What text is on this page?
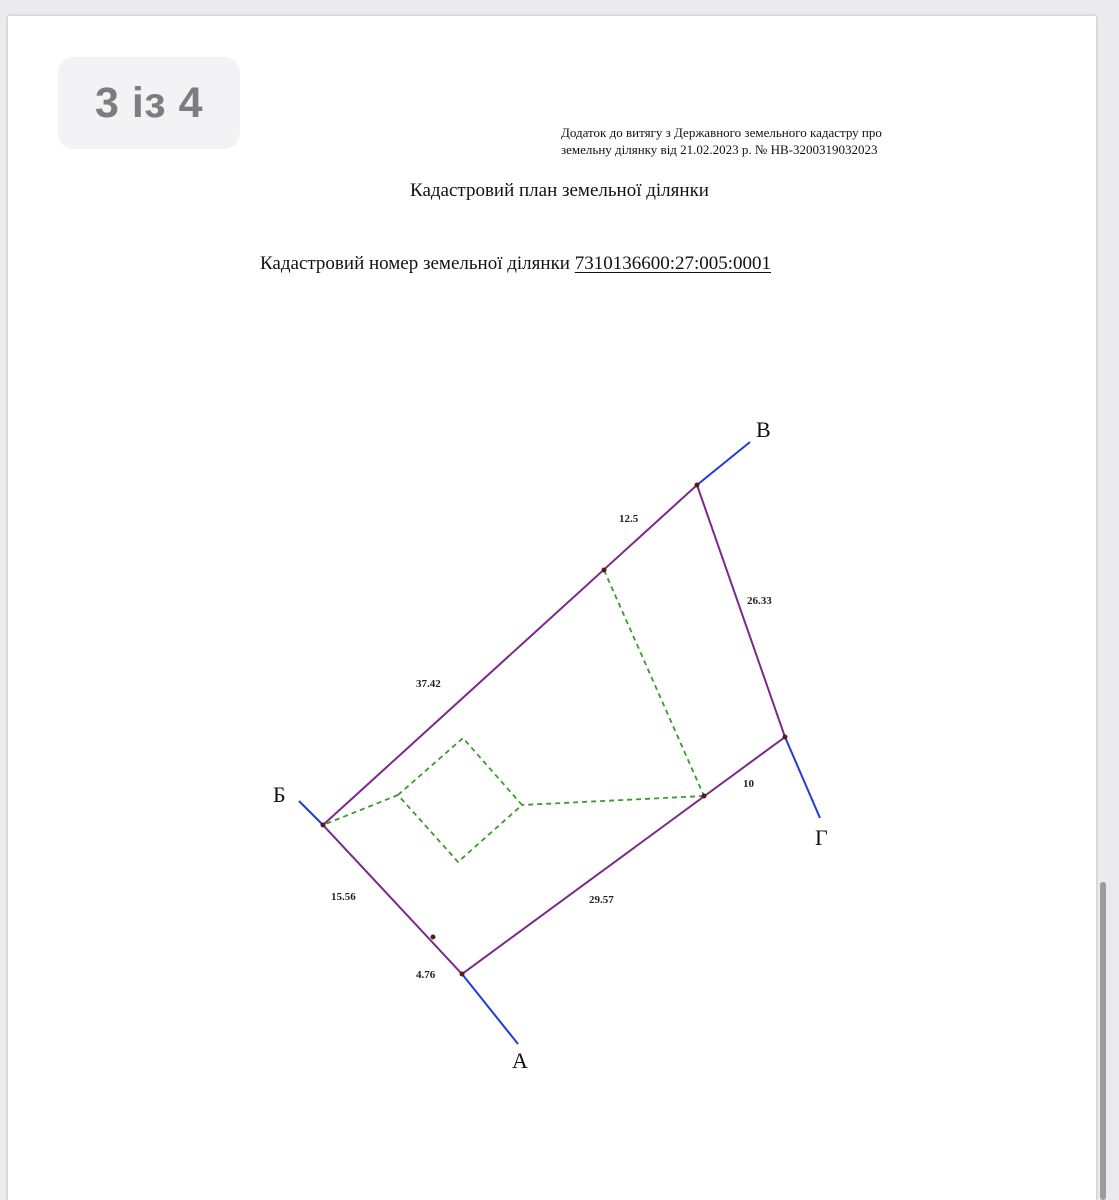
3 із 4
Додаток до витягу з Державного земельного кадастру про
земельну ділянку від 21.02.2023 р. № НВ-3200319032023
Кадастровий план земельної ділянки
Кадастровий номер земельної ділянки 7310136600:27:005:0001
12.5
26.33
37.42
10
15.56	29.57
4.76
В
Б
Г
А
